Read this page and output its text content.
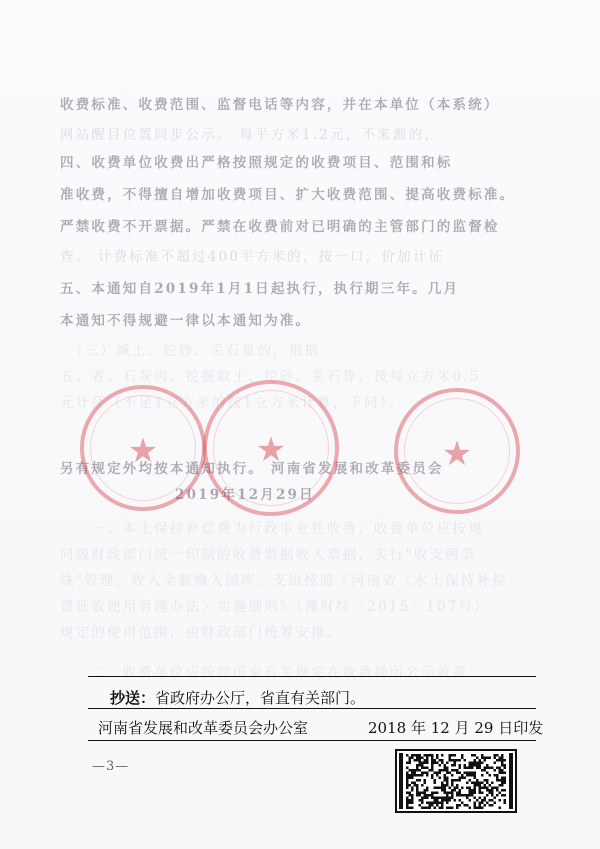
收费标准、收费范围、监督电话等内容，并在本单位（本系统）
网站醒目位置同步公示。 每平方米1.2元，不来源的，
四、收费单位收费出严格按照规定的收费项目、范围和标
准收费，不得擅自增加收费项目、扩大收费范围、提高收费标准。
严禁收费不开票据。严禁在收费前对已明确的主管部门的监督检
查。 计费标准不超过400平方米的，按一口，价加计征
五、本通知自2019年1月1日起执行，执行期三年。几月
本通知不得规避一律以本通知为准。
另有规定外均按本通知执行。 河南省发展和改革委员会
2019年12月29日
　（三）城土、挖砂、采石量的，根据
五、者、石灰肉、挖掘取土、挖砂、采石等，按每立方米0.5
元计征（不足1立方米的按1立方米计算，下同）。
　　一、本土保持补偿费为行政事业性收费，收费单位应按规
同级财政部门统一印制的收费票据收入票据，实行"收支两条
线"管理，收入全额缴入国库。支出按照《河南省〈水土保持补偿
费征收使用管理办法〉实施细则》（豫财综〔2015〕107号）
规定的使用范围，由财政部门统筹安排。
　　二、收费单位应按照国家有关规定在收费场所公示收费
★	★	★
抄送：省政府办公厅，省直有关部门。
河南省发展和改革委员会办公室	2018 年 12 月 29 日印发
—3—
